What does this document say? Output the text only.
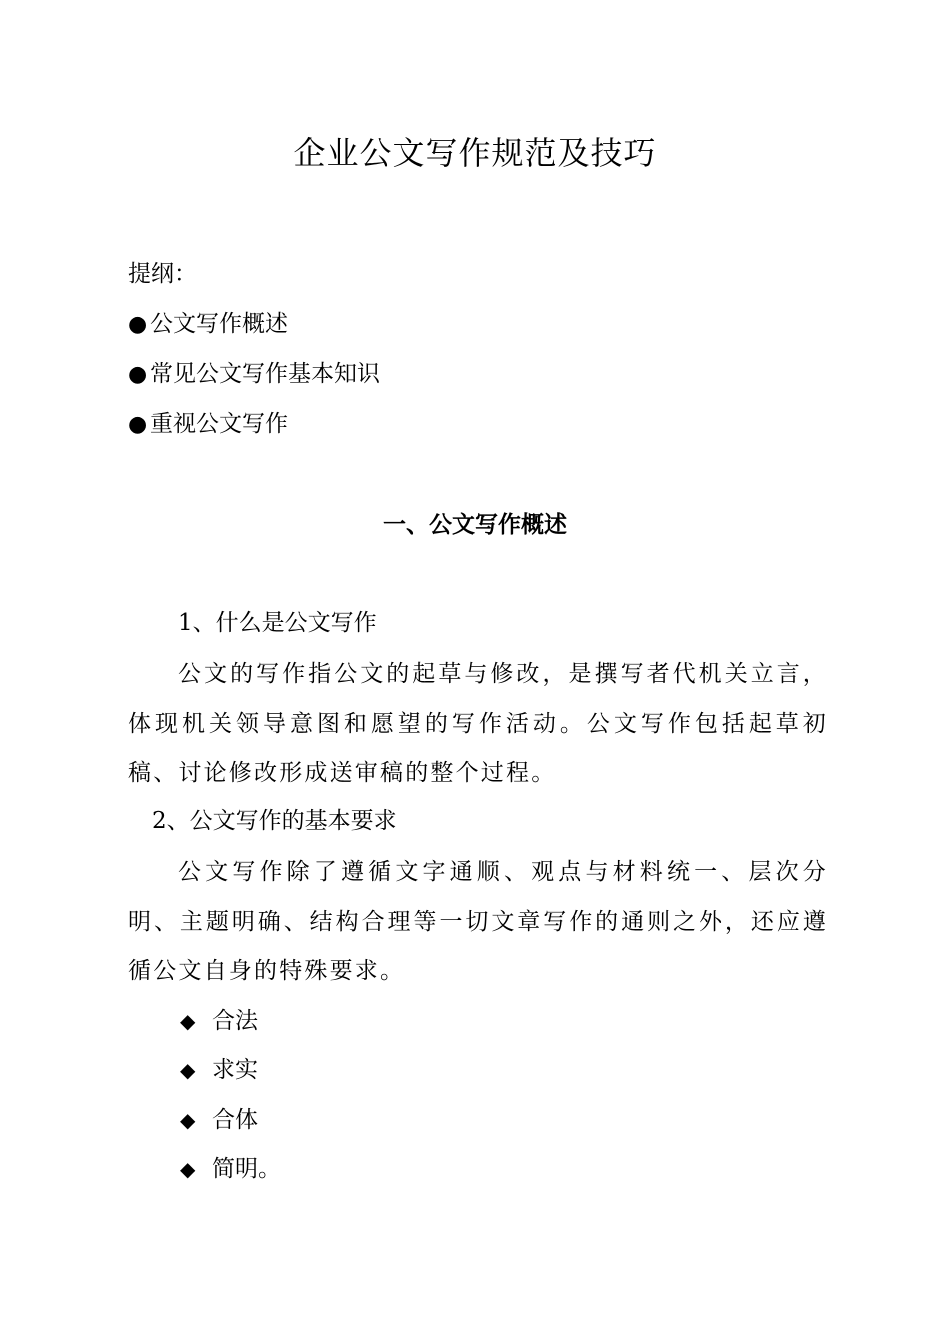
企业公文写作规范及技巧
提纲：
● 公文写作概述
● 常见公文写作基本知识
● 重视公文写作
一、公文写作概述
1、什么是公文写作
公文的写作指公文的起草与修改，是撰写者代机关立言，体现机关领导意图和愿望的写作活动。公文写作包括起草初稿、讨论修改形成送审稿的整个过程。
2、公文写作的基本要求
公文写作除了遵循文字通顺、观点与材料统一、层次分明、主题明确、结构合理等一切文章写作的通则之外，还应遵循公文自身的特殊要求。
◆ 合法
◆ 求实
◆ 合体
◆ 简明。
